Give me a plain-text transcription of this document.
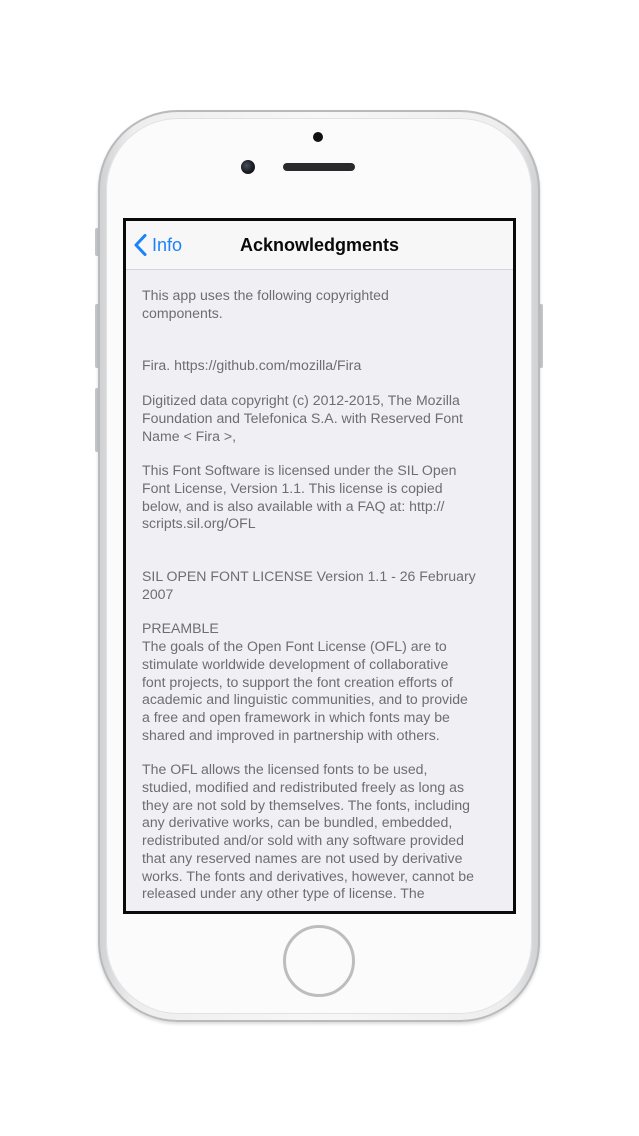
Info	Acknowledgments

This app uses the following copyrighted
components.

Fira. https://github.com/mozilla/Fira

Digitized data copyright (c) 2012-2015, The Mozilla
Foundation and Telefonica S.A. with Reserved Font
Name < Fira >,

This Font Software is licensed under the SIL Open
Font License, Version 1.1. This license is copied
below, and is also available with a FAQ at: http://
scripts.sil.org/OFL

SIL OPEN FONT LICENSE Version 1.1 - 26 February
2007

PREAMBLE
The goals of the Open Font License (OFL) are to
stimulate worldwide development of collaborative
font projects, to support the font creation efforts of
academic and linguistic communities, and to provide
a free and open framework in which fonts may be
shared and improved in partnership with others.

The OFL allows the licensed fonts to be used,
studied, modified and redistributed freely as long as
they are not sold by themselves. The fonts, including
any derivative works, can be bundled, embedded,
redistributed and/or sold with any software provided
that any reserved names are not used by derivative
works. The fonts and derivatives, however, cannot be
released under any other type of license. The
